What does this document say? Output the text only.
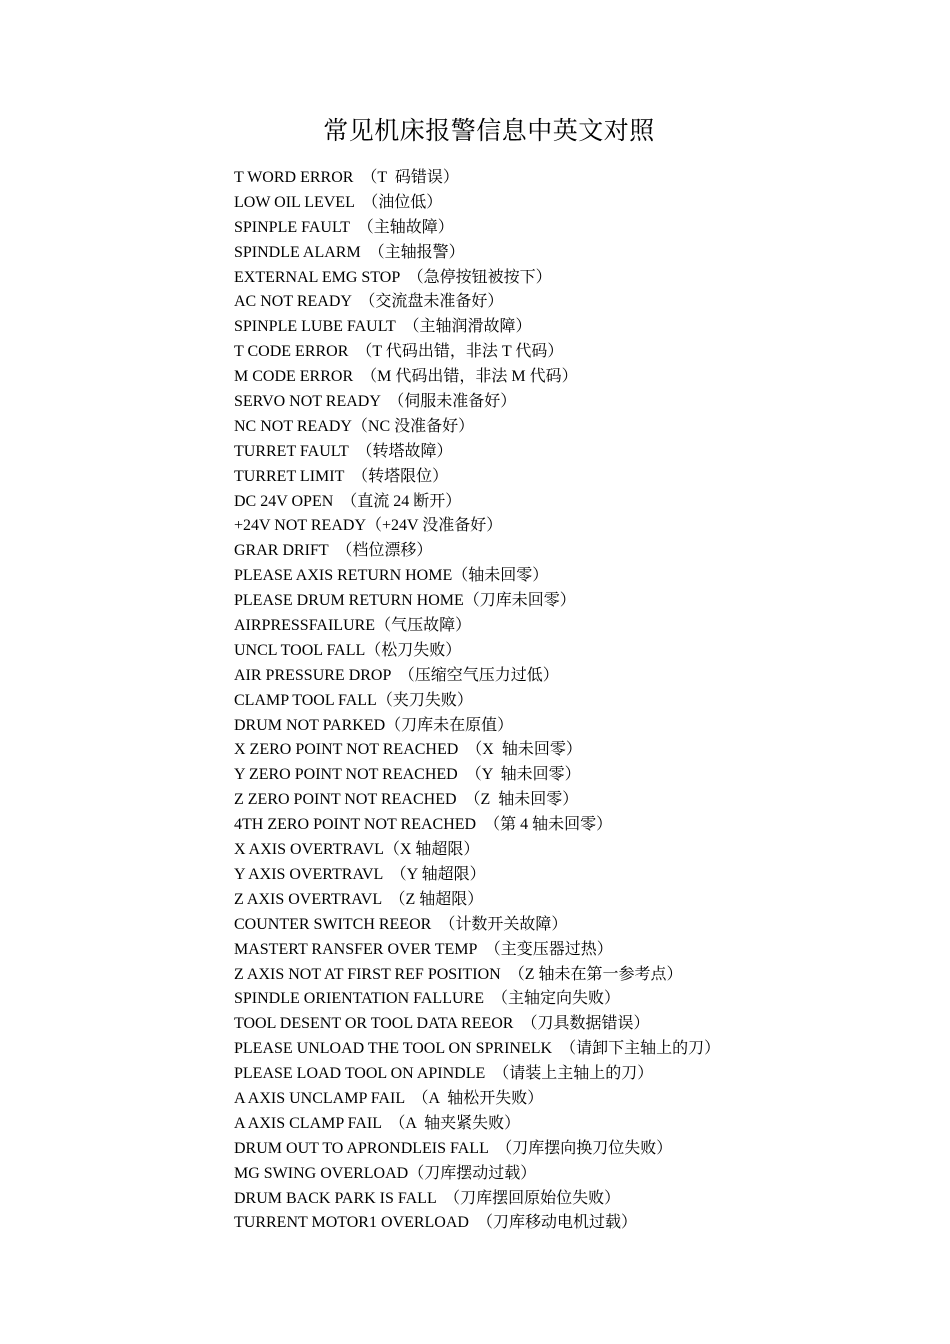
常见机床报警信息中英文对照
T WORD ERROR  （T  码错误）
LOW OIL LEVEL  （油位低）
SPINPLE FAULT  （主轴故障）
SPINDLE ALARM  （主轴报警）
EXTERNAL EMG STOP  （急停按钮被按下）
AC NOT READY  （交流盘未准备好）
SPINPLE LUBE FAULT  （主轴润滑故障）
T CODE ERROR  （T 代码出错，非法 T 代码）
M CODE ERROR  （M 代码出错，非法 M 代码）
SERVO NOT READY  （伺服未准备好）
NC NOT READY（NC 没准备好）
TURRET FAULT  （转塔故障）
TURRET LIMIT  （转塔限位）
DC 24V OPEN  （直流 24 断开）
+24V NOT READY（+24V 没准备好）
GRAR DRIFT  （档位漂移）
PLEASE AXIS RETURN HOME（轴未回零）
PLEASE DRUM RETURN HOME（刀库未回零）
AIRPRESSFAILURE（气压故障）
UNCL TOOL FALL（松刀失败）
AIR PRESSURE DROP  （压缩空气压力过低）
CLAMP TOOL FALL（夹刀失败）
DRUM NOT PARKED（刀库未在原值）
X ZERO POINT NOT REACHED  （X  轴未回零）
Y ZERO POINT NOT REACHED  （Y  轴未回零）
Z ZERO POINT NOT REACHED  （Z  轴未回零）
4TH ZERO POINT NOT REACHED  （第 4 轴未回零）
X AXIS OVERTRAVL（X 轴超限）
Y AXIS OVERTRAVL  （Y 轴超限）
Z AXIS OVERTRAVL  （Z 轴超限）
COUNTER SWITCH REEOR  （计数开关故障）
MASTERT RANSFER OVER TEMP  （主变压器过热）
Z AXIS NOT AT FIRST REF POSITION  （Z 轴未在第一参考点）
SPINDLE ORIENTATION FALLURE  （主轴定向失败）
TOOL DESENT OR TOOL DATA REEOR  （刀具数据错误）
PLEASE UNLOAD THE TOOL ON SPRINELK  （请卸下主轴上的刀）
PLEASE LOAD TOOL ON APINDLE  （请装上主轴上的刀）
A AXIS UNCLAMP FAIL  （A  轴松开失败）
A AXIS CLAMP FAIL  （A  轴夹紧失败）
DRUM OUT TO APRONDLEIS FALL  （刀库摆向换刀位失败）
MG SWING OVERLOAD（刀库摆动过载）
DRUM BACK PARK IS FALL  （刀库摆回原始位失败）
TURRENT MOTOR1 OVERLOAD  （刀库移动电机过载）
